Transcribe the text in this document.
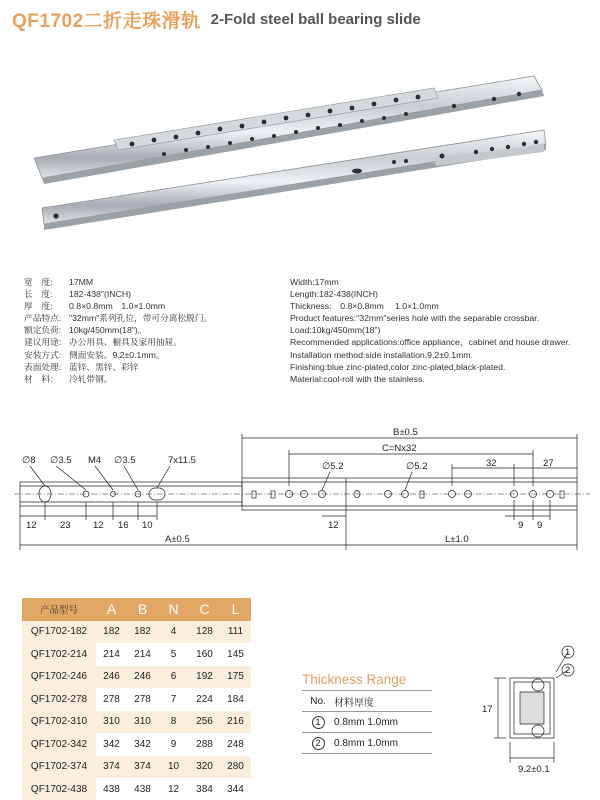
QF1702二折走珠滑轨 2-Fold steel ball bearing slide
宽　度: 17MM
长　度: 182-438"(INCH)
厚　度: 0.8×0.8mm　1.0×1.0mm
产品特点: "32mm"系列孔位，带可分离松脱门。
额定负荷: 10kg/450mm(18")。
建议用途: 办公用具、橱具及家用抽屉。
安装方式: 侧面安装。9.2±0.1mm。
表面处理: 蓝锌、黑锌、彩锌
材　料: 冷轧带钢。
Width:17mm
Length:182-438(INCH)
Thickness:　0.8×0.8mm　 1.0×1.0mm
Product features:"32mm"series hole with the separable crossbar.
Load:10kg/450mm(18")
Recommended applications:office appliance，cabinet and house drawer.
Installation method:side installation.9.2±0.1mm.
Finishing:blue zinc-plated,color zinc-plated,black-plated.
Material:cool-roll with the stainless.
∅8 ∅3.5 M4 ∅3.5	7x11.5
B±0.5
C=Nx32
∅5.2	∅5.2	32	27
12 23 12 16 10	12	9 9
A±0.5	L±1.0
产品型号	A	B	N	C	L
QF1702-182	182	182	4	128	111
QF1702-214	214	214	5	160	145
QF1702-246	246	246	6	192	175
QF1702-278	278	278	7	224	184
QF1702-310	310	310	8	256	216
QF1702-342	342	342	9	288	248
QF1702-374	374	374	10	320	280
QF1702-438	438	438	12	384	344
Thickness Range
No.	材料厚度
1	0.8mm 1.0mm
2	0.8mm 1.0mm
1
2
17
9.2±0.1
